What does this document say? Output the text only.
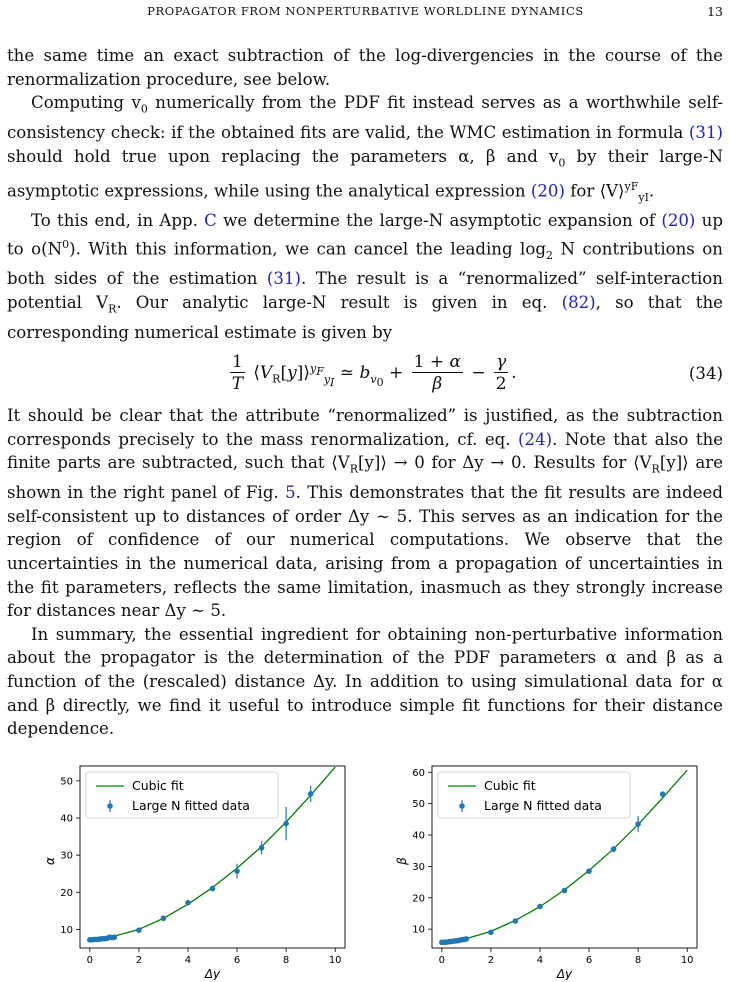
PROPAGATOR FROM NONPERTURBATIVE WORLDLINE DYNAMICS	13

the same time an exact subtraction of the log-divergencies in the course of the renormalization procedure, see below.

Computing $v_0$ numerically from the PDF fit instead serves as a worthwhile self-consistency check: if the obtained fits are valid, the WMC estimation in formula (31) should hold true upon replacing the parameters α, β and $v_0$ by their large-N asymptotic expressions, while using the analytical expression (20) for ⟨V⟩$^{yF}_{yI}$.

To this end, in App. C we determine the large-N asymptotic expansion of (20) up to $o(N^0)$. With this information, we can cancel the leading $\log_2 N$ contributions on both sides of the estimation (31). The result is a “renormalized” self-interaction potential $V_R$. Our analytic large-N result is given in eq. (82), so that the corresponding numerical estimate is given by

$\frac{1}{T}$ $⟨V_R[y]⟩^{y_F}_{y_I}$ ≃ $b_{v_0} + \frac{1 + \alpha}{\beta} - \frac{\gamma}{2}$ .	(34)

It should be clear that the attribute “renormalized” is justified, as the subtraction corresponds precisely to the mass renormalization, cf. eq. (24). Note that also the finite parts are subtracted, such that $⟨V_R[y]⟩ \to 0$ for Δy → 0. Results for $⟨V_R[y]⟩$ are shown in the right panel of Fig. 5. This demonstrates that the fit results are indeed self-consistent up to distances of order Δy ∼ 5. This serves as an indication for the region of confidence of our numerical computations. We observe that the uncertainties in the numerical data, arising from a propagation of uncertainties in the fit parameters, reflects the same limitation, inasmuch as they strongly increase for distances near Δy ∼ 5.

In summary, the essential ingredient for obtaining non-perturbative information about the propagator is the determination of the PDF parameters α and β as a function of the (rescaled) distance Δy. In addition to using simulational data for α and β directly, we find it useful to introduce simple fit functions for their distance dependence.

0	2	4	6	8	10
10
20
30
40
50
Δy
α
Cubic fit
Large N fitted data
0	2	4	6	8	10
10
20
30
40
50
60
Δy
β
Cubic fit
Large N fitted data
